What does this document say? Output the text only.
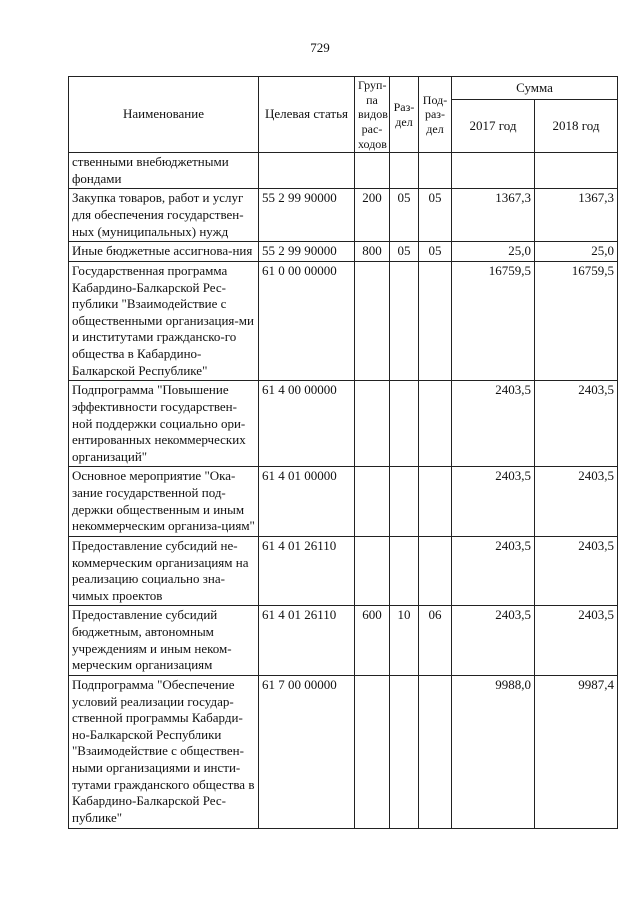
729
Наименование	Целевая статья	Груп-па видов рас-ходов	Раз-дел	Под-раз-дел	Сумма	
					2017 год	2018 год
ственными внебюджетными фондами						
Закупка товаров, работ и услуг для обеспечения государствен-ных (муниципальных) нужд	55 2 99 90000	200	05	05	1367,3	1367,3
Иные бюджетные ассигнова-ния	55 2 99 90000	800	05	05	25,0	25,0
Государственная программа Кабардино-Балкарской Рес-публики "Взаимодействие с общественными организация-ми и институтами гражданско-го общества в Кабардино-Балкарской Республике"	61 0 00 00000				16759,5	16759,5
Подпрограмма "Повышение эффективности государствен-ной поддержки социально ори-ентированных некоммерческих организаций"	61 4 00 00000				2403,5	2403,5
Основное мероприятие "Ока-зание государственной под-держки общественным и иным некоммерческим организа-циям"	61 4 01 00000				2403,5	2403,5
Предоставление субсидий не-коммерческим организациям на реализацию социально зна-чимых проектов	61 4 01 26110				2403,5	2403,5
Предоставление субсидий бюджетным, автономным учреждениям и иным неком-мерческим организациям	61 4 01 26110	600	10	06	2403,5	2403,5
Подпрограмма "Обеспечение условий реализации государ-ственной программы Кабарди-но-Балкарской Республики "Взаимодействие с обществен-ными организациями и инсти-тутами гражданского общества в Кабардино-Балкарской Рес-публике"	61 7 00 00000				9988,0	9987,4
